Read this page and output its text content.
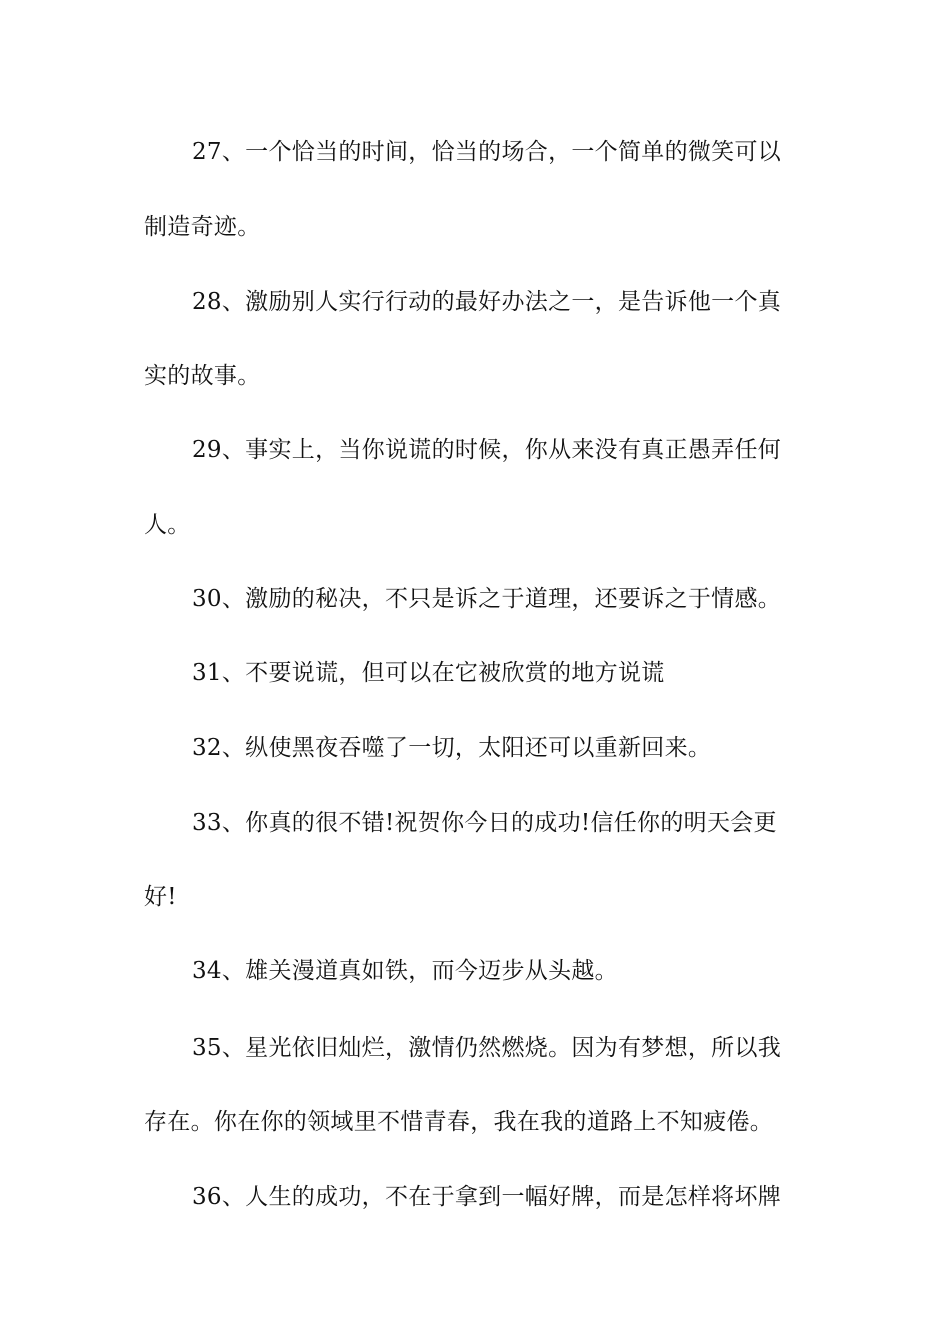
27、一个恰当的时间，恰当的场合，一个简单的微笑可以
制造奇迹。
28、激励别人实行行动的最好办法之一，是告诉他一个真
实的故事。
29、事实上，当你说谎的时候，你从来没有真正愚弄任何
人。
30、激励的秘决，不只是诉之于道理，还要诉之于情感。
31、不要说谎，但可以在它被欣赏的地方说谎
32、纵使黑夜吞噬了一切，太阳还可以重新回来。
33、你真的很不错!祝贺你今日的成功!信任你的明天会更
好!
34、雄关漫道真如铁，而今迈步从头越。
35、星光依旧灿烂，激情仍然燃烧。因为有梦想，所以我
存在。你在你的领域里不惜青春，我在我的道路上不知疲倦。
36、人生的成功，不在于拿到一幅好牌，而是怎样将坏牌
